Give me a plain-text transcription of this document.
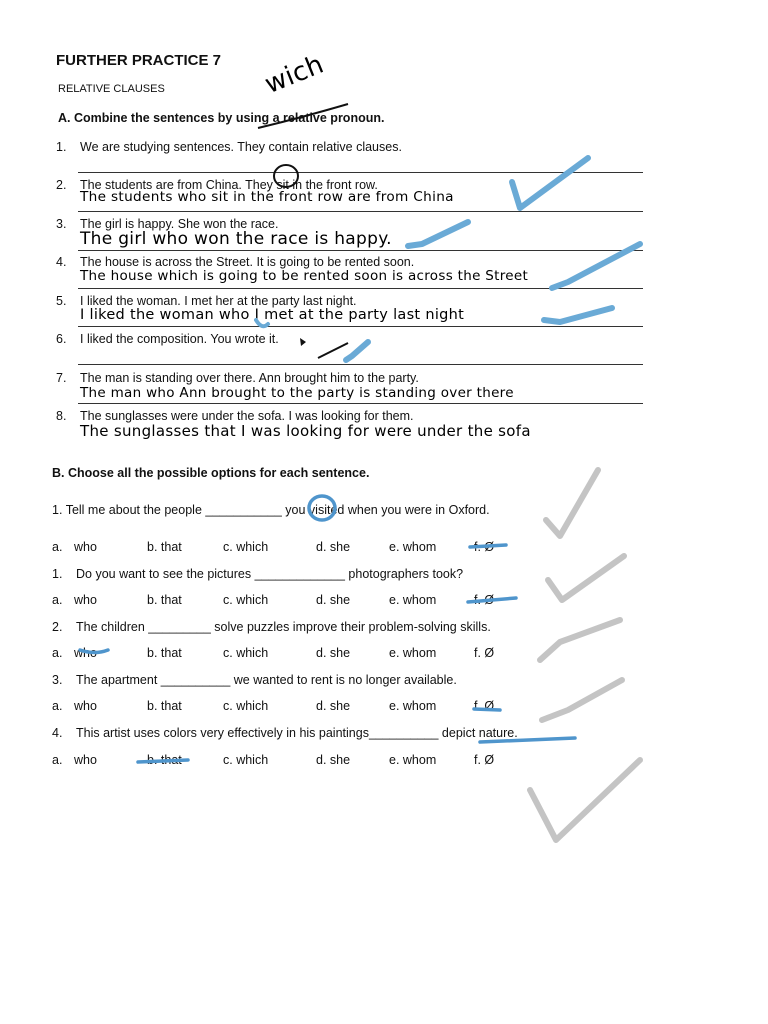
FURTHER PRACTICE 7
RELATIVE CLAUSES
A. Combine the sentences by using a relative pronoun.
1. We are studying sentences. They contain relative clauses.
2. The students are from China. They sit in the front row.
The students who sit in the front row are from China
3. The girl is happy. She won the race.
The girl who won the race is happy.
4. The house is across the Street. It is going to be rented soon.
The house which is going to be rented soon is across the Street
5. I liked the woman. I met her at the party last night.
I liked the woman who I met at the party last night
6. I liked the composition. You wrote it.
7. The man is standing over there. Ann brought him to the party.
The man who Ann brought to the party is standing over there
8. The sunglasses were under the sofa. I was looking for them.
The sunglasses that I was looking for were under the sofa
B. Choose all the possible options for each sentence.
1. Tell me about the people ___________ you visited when you were in Oxford.
a. who	b. that	c. which	d. she	e. whom	f. Ø
1. Do you want to see the pictures _____________ photographers took?
a. who	b. that	c. which	d. she	e. whom	f. Ø
2. The children _________ solve puzzles improve their problem-solving skills.
a. who	b. that	c. which	d. she	e. whom	f. Ø
3. The apartment __________ we wanted to rent is no longer available.
a. who	b. that	c. which	d. she	e. whom	f. Ø
4. This artist uses colors very effectively in his paintings__________ depict nature.
a. who	b. that	c. which	d. she	e. whom	f. Ø
wich
